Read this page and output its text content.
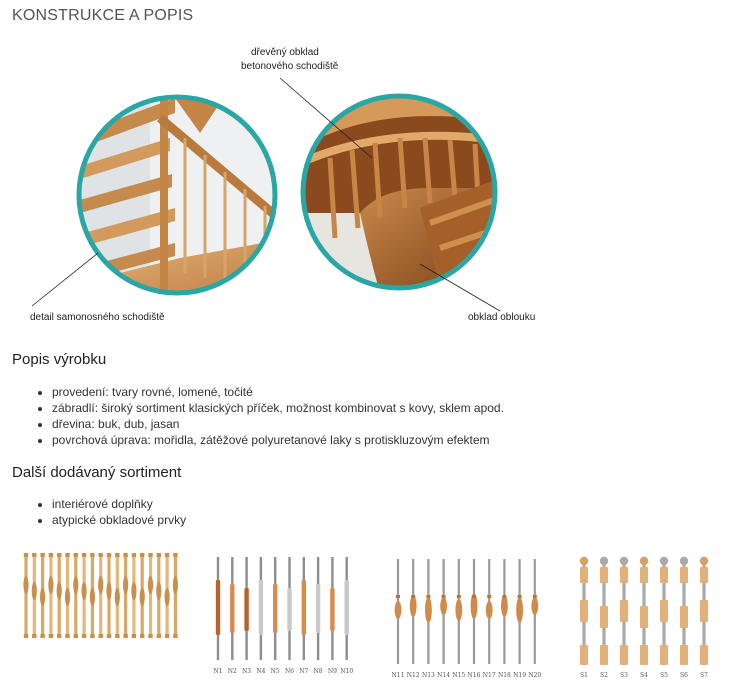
KONSTRUKCE A POPIS
dřevěný obklad
betonového schodiště
detail samonosného schodiště	obklad oblouku
Popis výrobku
• provedení: tvary rovné, lomené, točité
• zábradlí: široký sortiment klasických příček, možnost kombinovat s kovy, sklem apod.
• dřevina: buk, dub, jasan
• povrchová úprava: mořidla, zátěžové polyuretanové laky s protiskluzovým efektem
Další dodávaný sortiment
• interiérové doplňky
• atypické obkladové prvky
N1 N2 N3 N4 N5 N6 N7 N8 N9 N10
N11 N12 N13 N14 N15 N16 N17 N18 N19 N20	S1 S2 S3 S4 S5 S6 S7
